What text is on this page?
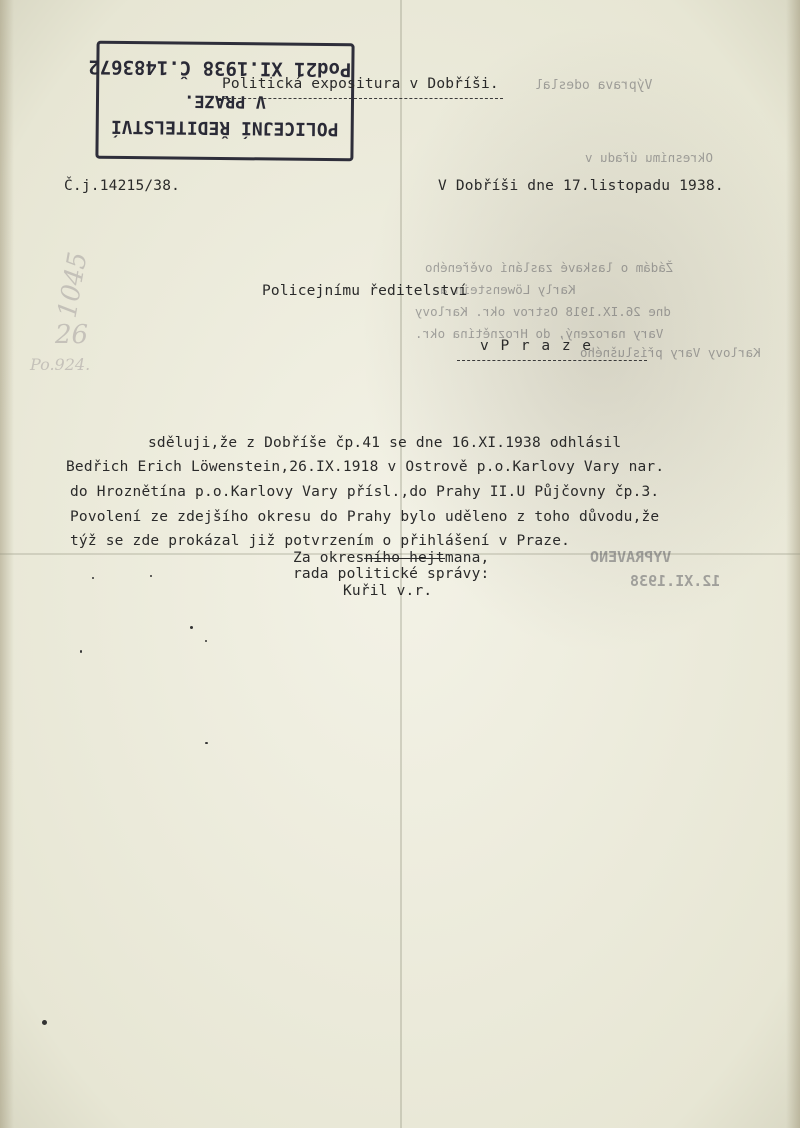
Výprava odeslal
Okresnímu úřadu v
Žádám o laskavé zaslání ověřeného
Karly Löwenstein a
dne 26.IX.1918 Ostrov okr. Karlovy
Vary narozený, do Hroznětína okr.
Karlovy Vary příslušného
VYPRAVENO
12.XI.1938
1045
26
Po.924.
POLICEJNÍ ŘEDITELSTVÍ
V PRAZE.
Pod21 XI.1938 Č.1483672
Politická expositura v Dobříši.
Č.j.14215/38.	V Dobříši dne 17.listopadu 1938.
Policejnímu ředitelství
v P r a z e
sděluji,že z Dobříše čp.41 se dne 16.XI.1938 odhlásil
Bedřich Erich Löwenstein,26.IX.1918 v Ostrově p.o.Karlovy Vary nar.
do Hroznětína p.o.Karlovy Vary přísl.,do Prahy II.U Půjčovny čp.3.
Povolení ze zdejšího okresu do Prahy bylo uděleno z toho důvodu,že
týž se zde prokázal již potvrzením o přihlášení v Praze.
Za okresního hejtmana,
rada politické správy:
Kuřil v.r.
